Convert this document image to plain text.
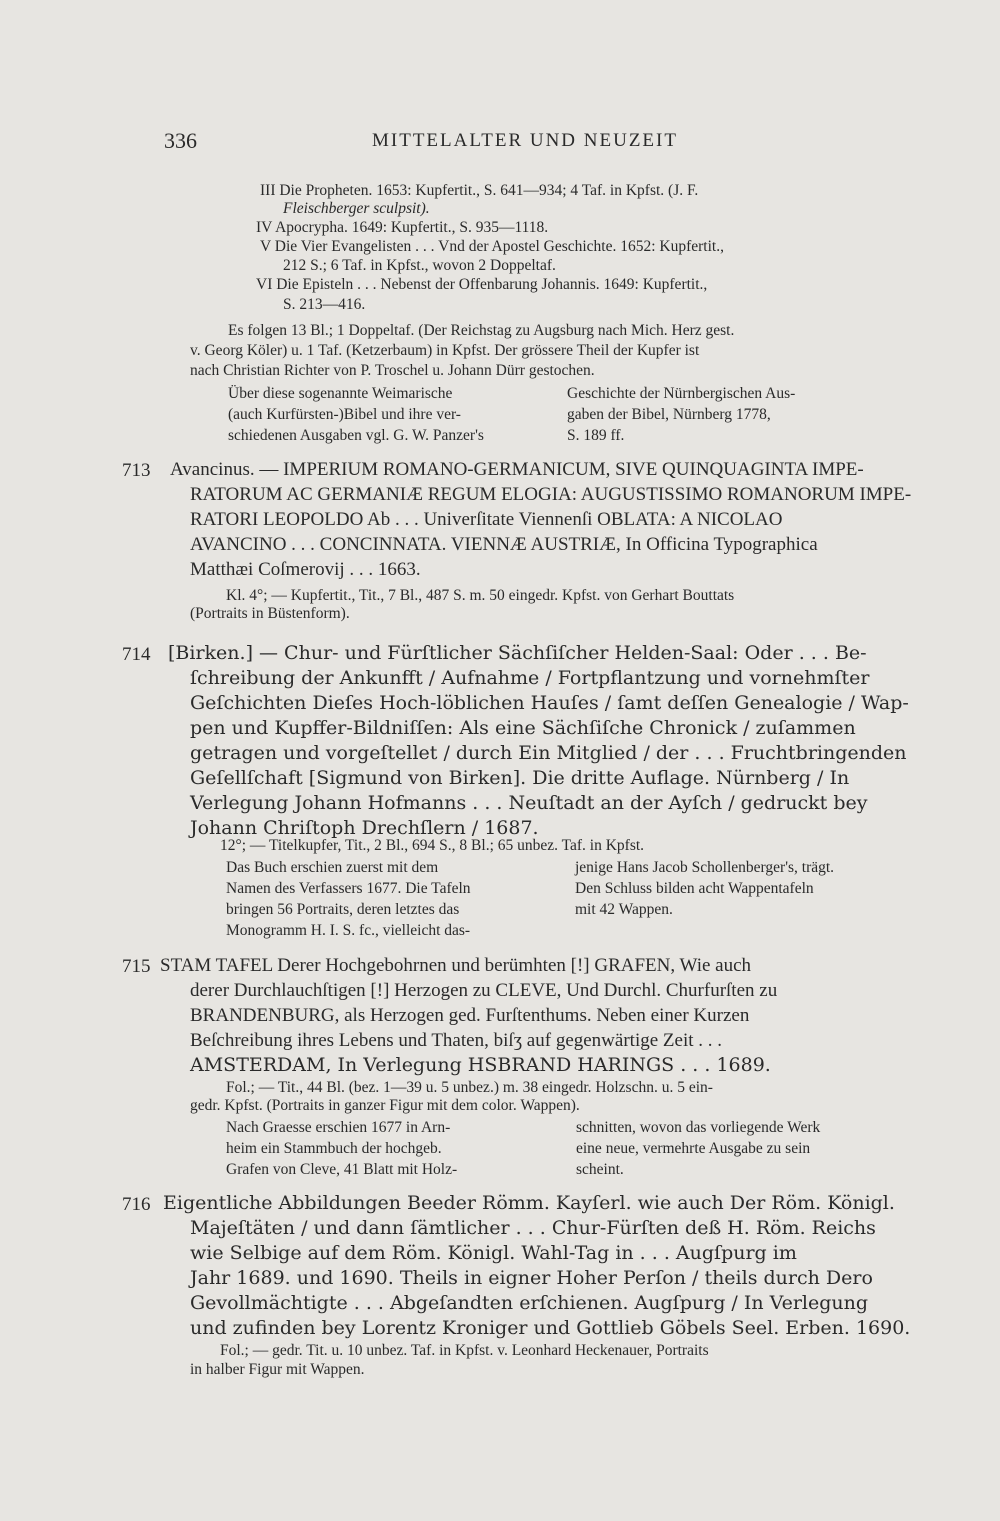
336	MITTELALTER UND NEUZEIT
III Die Propheten. 1653: Kupfertit., S. 641—934; 4 Taf. in Kpfst. (J. F.
Fleischberger sculpsit).
IV Apocrypha. 1649: Kupfertit., S. 935—1118.
V Die Vier Evangelisten . . . Vnd der Apostel Geschichte. 1652: Kupfertit.,
212 S.; 6 Taf. in Kpfst., wovon 2 Doppeltaf.
VI Die Episteln . . . Nebenst der Offenbarung Johannis. 1649: Kupfertit.,
S. 213—416.
Es folgen 13 Bl.; 1 Doppeltaf. (Der Reichstag zu Augsburg nach Mich. Herz gest.
v. Georg Köler) u. 1 Taf. (Ketzerbaum) in Kpfst. Der grössere Theil der Kupfer ist
nach Christian Richter von P. Troschel u. Johann Dürr gestochen.
Über diese sogenannte Weimarische
(auch Kurfürsten-)Bibel und ihre ver-
schiedenen Ausgaben vgl. G. W. Panzer's
Geschichte der Nürnbergischen Aus-
gaben der Bibel, Nürnberg 1778,
S. 189 ff.
713 Avancinus. — IMPERIUM ROMANO-GERMANICUM, SIVE QUINQUAGINTA IMPE-
RATORUM AC GERMANIÆ REGUM ELOGIA: AUGUSTISSIMO ROMANORUM IMPE-
RATORI LEOPOLDO Ab . . . Univerſitate Viennenſi OBLATA: A NICOLAO
AVANCINO . . . CONCINNATA. VIENNÆ AUSTRIÆ, In Officina Typographica
Matthæi Coſmerovij . . . 1663.
Kl. 4°; — Kupfertit., Tit., 7 Bl., 487 S. m. 50 eingedr. Kpfst. von Gerhart Bouttats
(Portraits in Büstenform).
714 [Birken.] — Chur- und Fürſtlicher Sächſiſcher Helden-Saal: Oder . . . Be-
ſchreibung der Ankunfft / Aufnahme / Fortpflantzung und vornehmſter
Geſchichten Dieſes Hoch-löblichen Hauſes / ſamt deſſen Genealogie / Wap-
pen und Kupffer-Bildniſſen: Als eine Sächſiſche Chronick / zuſammen
getragen und vorgeſtellet / durch Ein Mitglied / der . . . Fruchtbringenden
Geſellſchaft [Sigmund von Birken]. Die dritte Auflage. Nürnberg / In
Verlegung Johann Hofmanns . . . Neuſtadt an der Ayſch / gedruckt bey
Johann Chriſtoph Drechſlern / 1687.
12°; — Titelkupfer, Tit., 2 Bl., 694 S., 8 Bl.; 65 unbez. Taf. in Kpfst.
Das Buch erschien zuerst mit dem
Namen des Verfassers 1677. Die Tafeln
bringen 56 Portraits, deren letztes das
Monogramm H. I. S. fc., vielleicht das-
jenige Hans Jacob Schollenberger's, trägt.
Den Schluss bilden acht Wappentafeln
mit 42 Wappen.
715 STAM TAFEL Derer Hochgebohrnen und berümhten [!] GRAFEN, Wie auch
derer Durchlauchſtigen [!] Herzogen zu CLEVE, Und Durchl. Churfurſten zu
BRANDENBURG, als Herzogen ged. Furſtenthums. Neben einer Kurzen
Beſchreibung ihres Lebens und Thaten, biſʒ auf gegenwärtige Zeit . . .
AMSTERDAM, In Verlegung HSBRAND HARINGS . . . 1689.
Fol.; — Tit., 44 Bl. (bez. 1—39 u. 5 unbez.) m. 38 eingedr. Holzschn. u. 5 ein-
gedr. Kpfst. (Portraits in ganzer Figur mit dem color. Wappen).
Nach Graesse erschien 1677 in Arn-
heim ein Stammbuch der hochgeb.
Grafen von Cleve, 41 Blatt mit Holz-
schnitten, wovon das vorliegende Werk
eine neue, vermehrte Ausgabe zu sein
scheint.
716 Eigentliche Abbildungen Beeder Römm. Kayſerl. wie auch Der Röm. Königl.
Majeſtäten / und dann ſämtlicher . . . Chur-Fürſten deß H. Röm. Reichs
wie Selbige auf dem Röm. Königl. Wahl-Tag in . . . Augſpurg im
Jahr 1689. und 1690. Theils in eigner Hoher Perſon / theils durch Dero
Gevollmächtigte . . . Abgeſandten erſchienen. Augſpurg / In Verlegung
und zufinden bey Lorentz Kroniger und Gottlieb Göbels Seel. Erben. 1690.
Fol.; — gedr. Tit. u. 10 unbez. Taf. in Kpfst. v. Leonhard Heckenauer, Portraits
in halber Figur mit Wappen.
